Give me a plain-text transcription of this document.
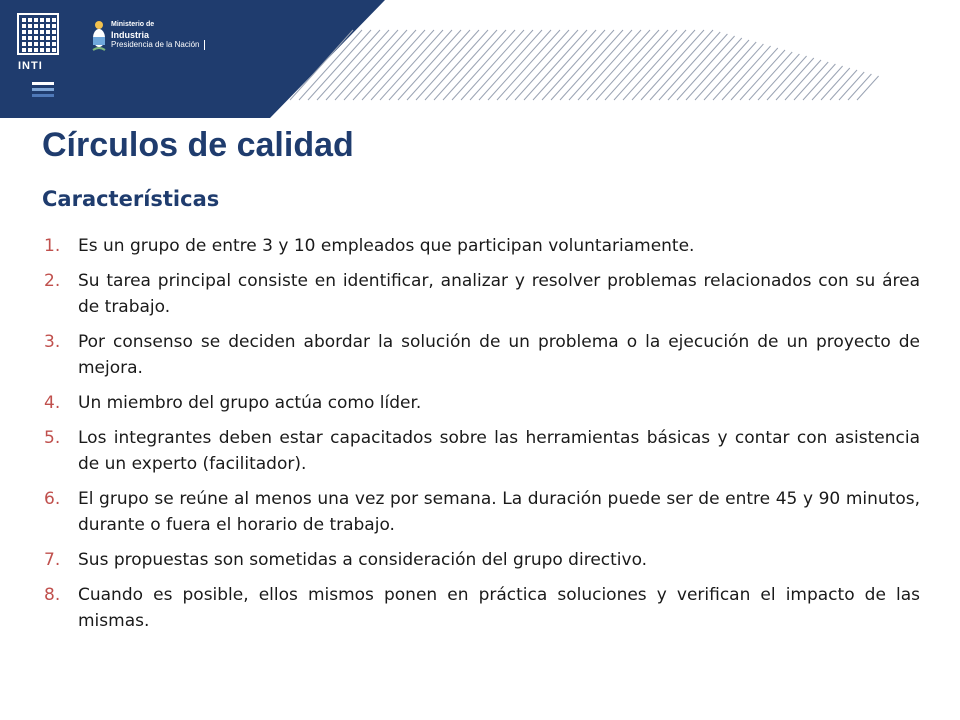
INTI
Ministerio de
Industria
Presidencia de la Nación
Círculos de calidad
Características
1.	Es un grupo de entre 3 y 10 empleados que participan voluntariamente.
2.	Su tarea principal consiste en identificar, analizar y resolver problemas relacionados con su área de trabajo.
3.	Por consenso se deciden abordar la solución de un problema o la ejecución de un proyecto de mejora.
4.	Un miembro del grupo actúa como líder.
5.	Los integrantes deben estar capacitados sobre las herramientas básicas y contar con asistencia de un experto (facilitador).
6.	El grupo se reúne al menos una vez por semana. La duración puede ser de entre 45 y 90 minutos, durante o fuera el horario de trabajo.
7.	Sus propuestas son sometidas a consideración del grupo directivo.
8.	Cuando es posible, ellos mismos ponen en práctica soluciones y verifican el impacto de las mismas.
